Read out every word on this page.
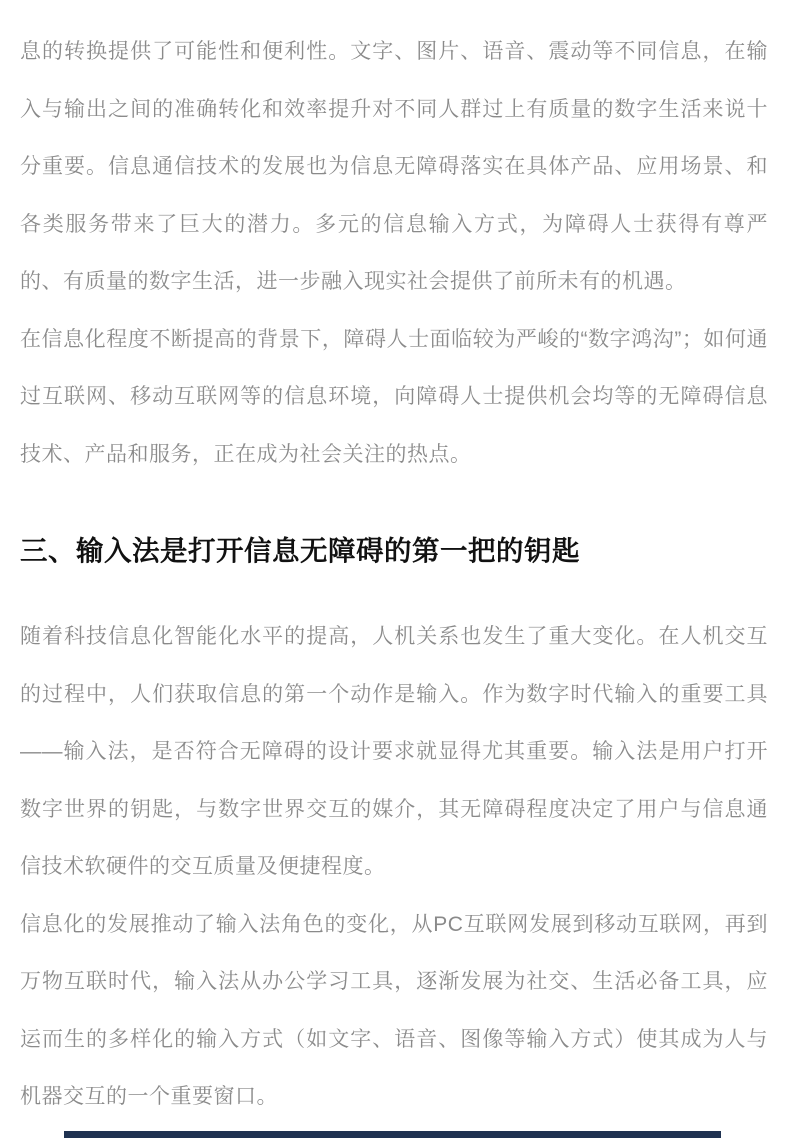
息的转换提供了可能性和便利性。文字、图片、语音、震动等不同信息，在输入与输出之间的准确转化和效率提升对不同人群过上有质量的数字生活来说十分重要。信息通信技术的发展也为信息无障碍落实在具体产品、应用场景、和各类服务带来了巨大的潜力。多元的信息输入方式，为障碍人士获得有尊严的、有质量的数字生活，进一步融入现实社会提供了前所未有的机遇。

在信息化程度不断提高的背景下，障碍人士面临较为严峻的“数字鸿沟”；如何通过互联网、移动互联网等的信息环境，向障碍人士提供机会均等的无障碍信息技术、产品和服务，正在成为社会关注的热点。

三、输入法是打开信息无障碍的第一把的钥匙

随着科技信息化智能化水平的提高，人机关系也发生了重大变化。在人机交互的过程中，人们获取信息的第一个动作是输入。作为数字时代输入的重要工具——输入法，是否符合无障碍的设计要求就显得尤其重要。输入法是用户打开数字世界的钥匙，与数字世界交互的媒介，其无障碍程度决定了用户与信息通信技术软硬件的交互质量及便捷程度。

信息化的发展推动了输入法角色的变化，从PC互联网发展到移动互联网，再到万物互联时代，输入法从办公学习工具，逐渐发展为社交、生活必备工具，应运而生的多样化的输入方式（如文字、语音、图像等输入方式）使其成为人与机器交互的一个重要窗口。
